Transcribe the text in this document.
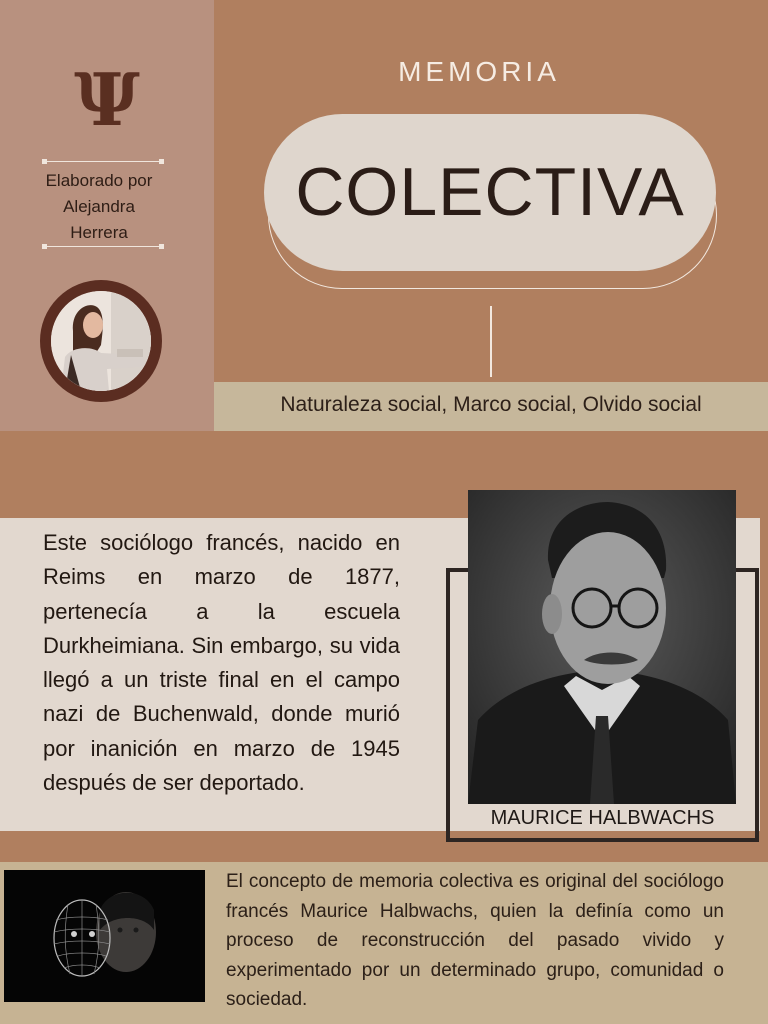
Ψ
Elaborado por
Alejandra
Herrera
MEMORIA
COLECTIVA
Naturaleza social, Marco social, Olvido social
Este sociólogo francés, nacido en Reims en marzo de 1877, pertenecía a la escuela Durkheimiana. Sin embargo, su vida llegó a un triste final en el campo nazi de Buchenwald, donde murió por inanición en marzo de 1945 después de ser deportado.
MAURICE HALBWACHS
El concepto de memoria colectiva es original del sociólogo francés Maurice Halbwachs, quien la definía como un proceso de reconstrucción del pasado vivido y experimentado por un determinado grupo, comunidad o sociedad.
